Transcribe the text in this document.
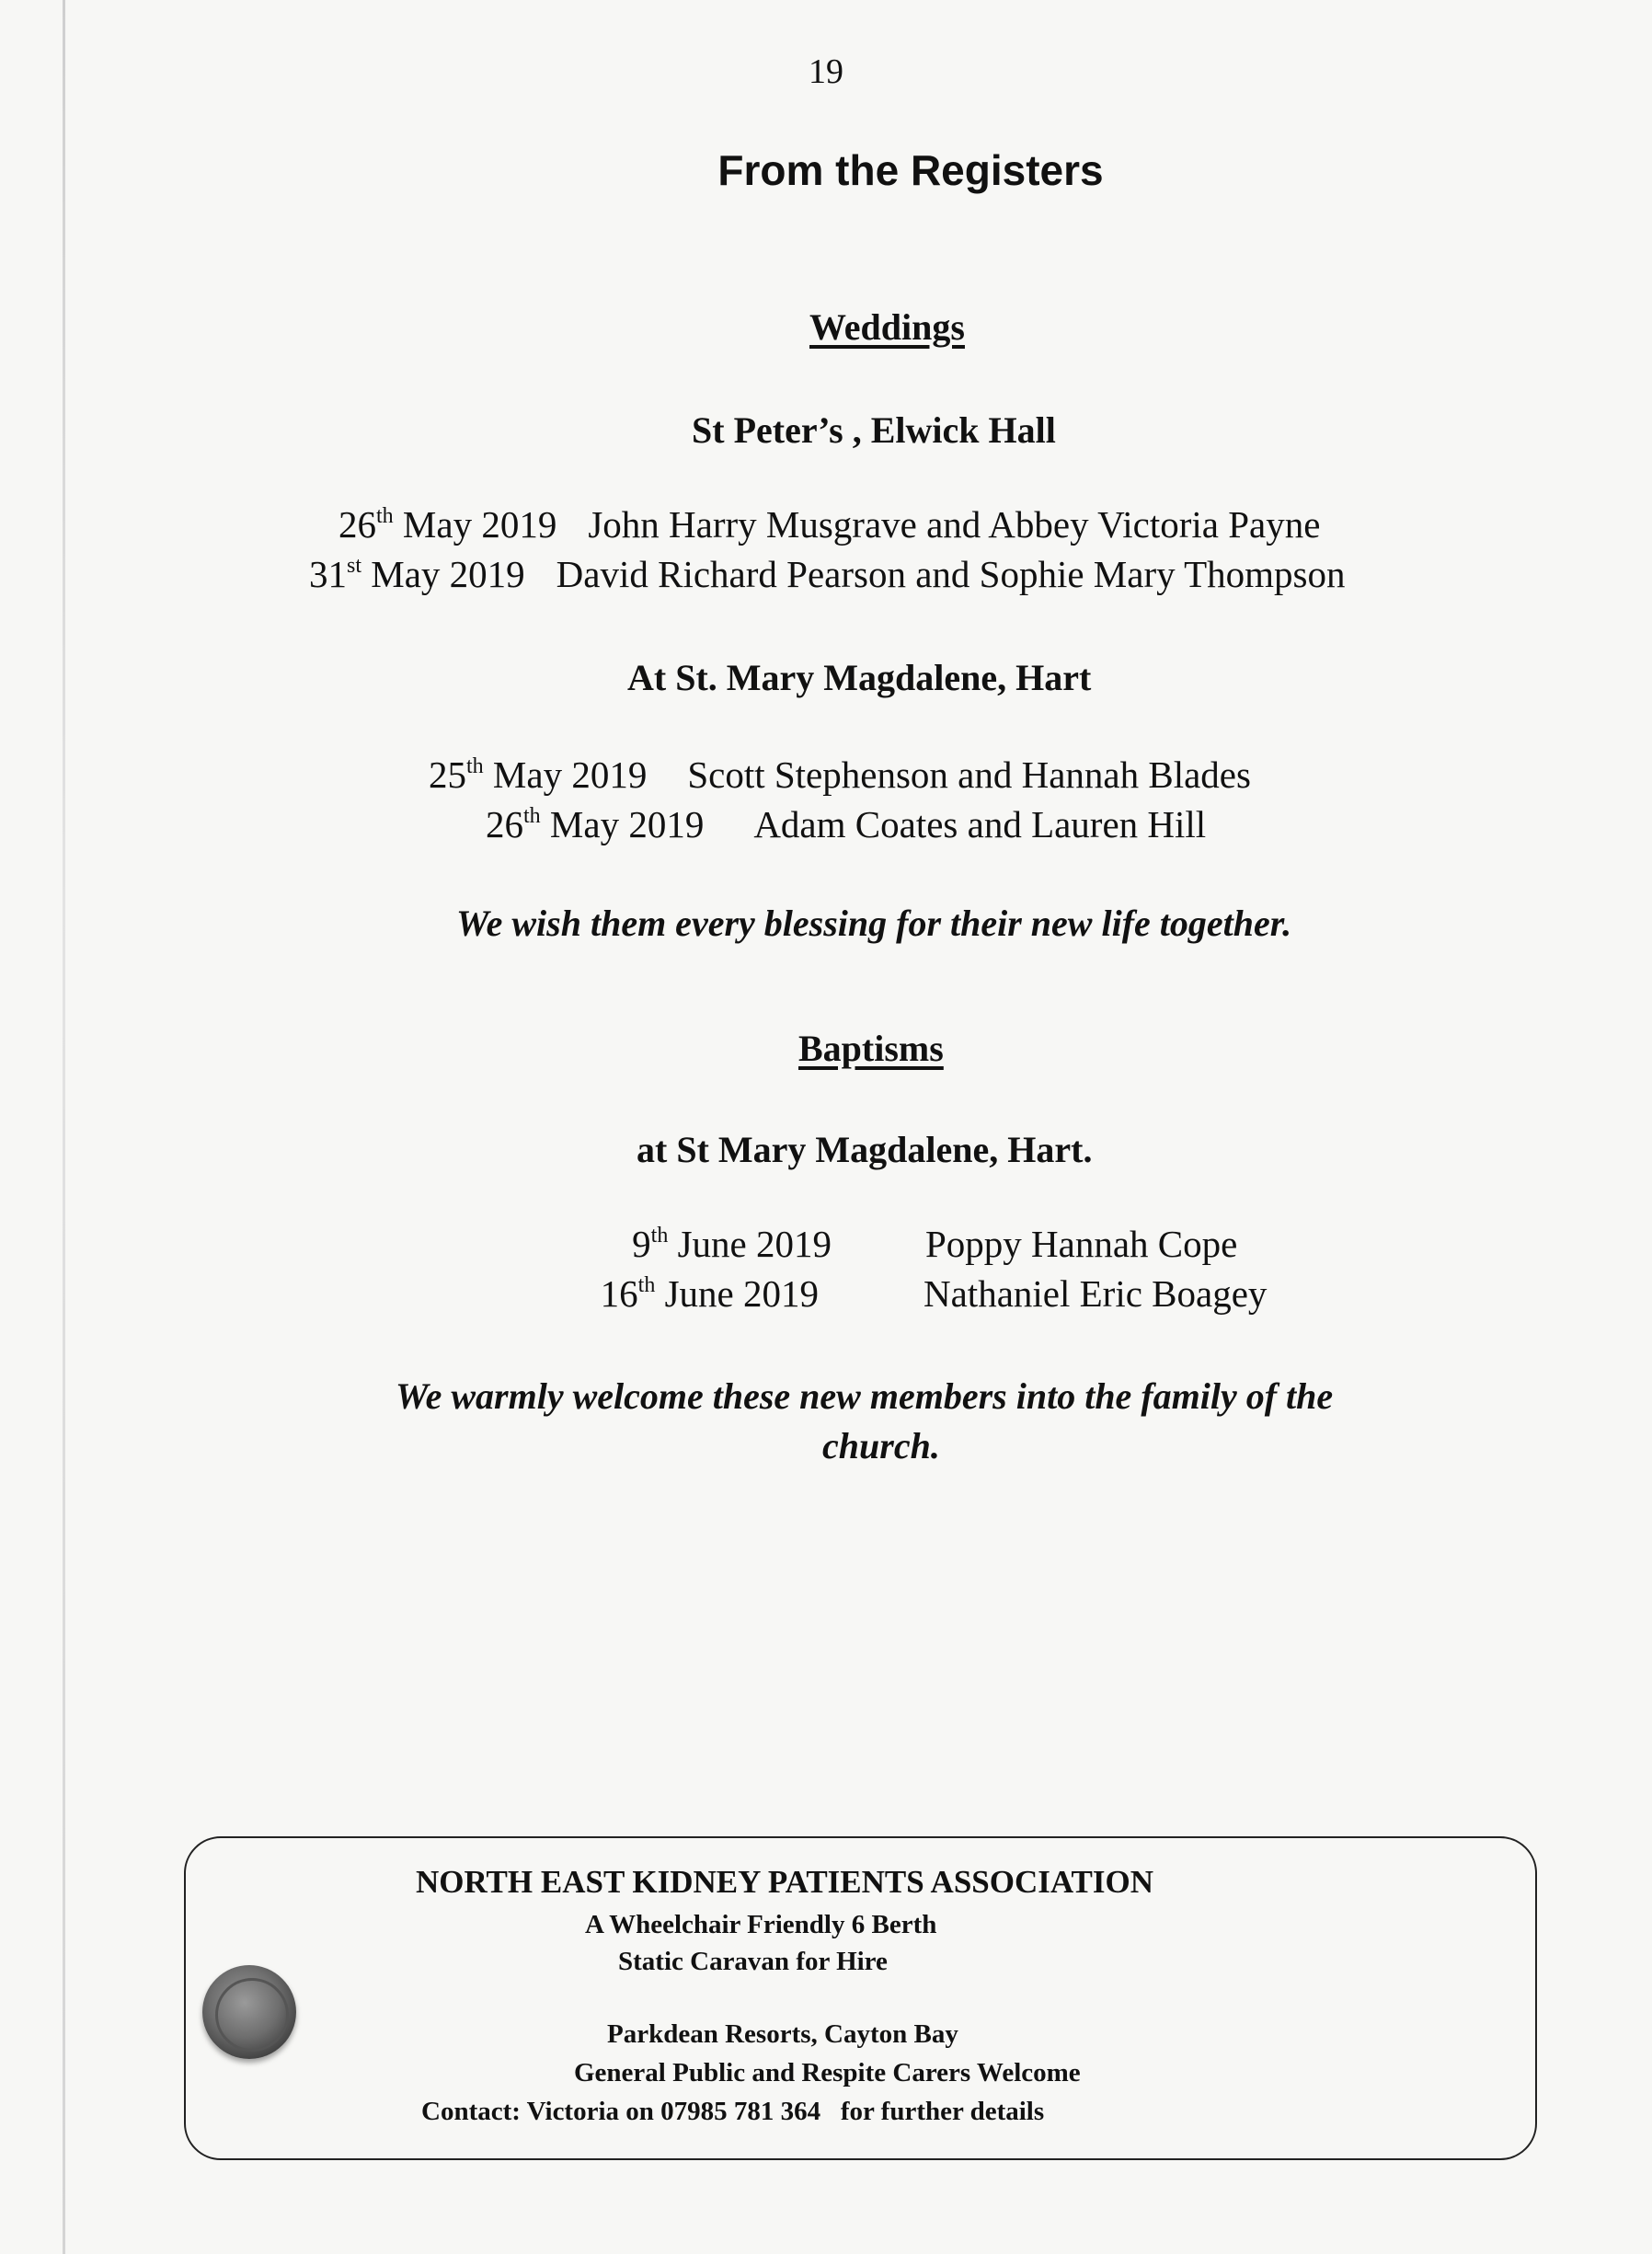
19
From the Registers
Weddings
St Peter’s , Elwick Hall
26th May 2019 John Harry Musgrave and Abbey Victoria Payne
31st May 2019 David Richard Pearson and Sophie Mary Thompson
At St. Mary Magdalene, Hart
25th May 2019 Scott Stephenson and Hannah Blades
26th May 2019 Adam Coates and Lauren Hill
We wish them every blessing for their new life together.
Baptisms
at St Mary Magdalene, Hart.
9th June 2019 Poppy Hannah Cope
16th June 2019	Nathaniel Eric Boagey
We warmly welcome these new members into the family of the
church.
NORTH EAST KIDNEY PATIENTS ASSOCIATION
A Wheelchair Friendly 6 Berth
Static Caravan for Hire
Parkdean Resorts, Cayton Bay
General Public and Respite Carers Welcome
Contact: Victoria on 07985 781 364   for further details
